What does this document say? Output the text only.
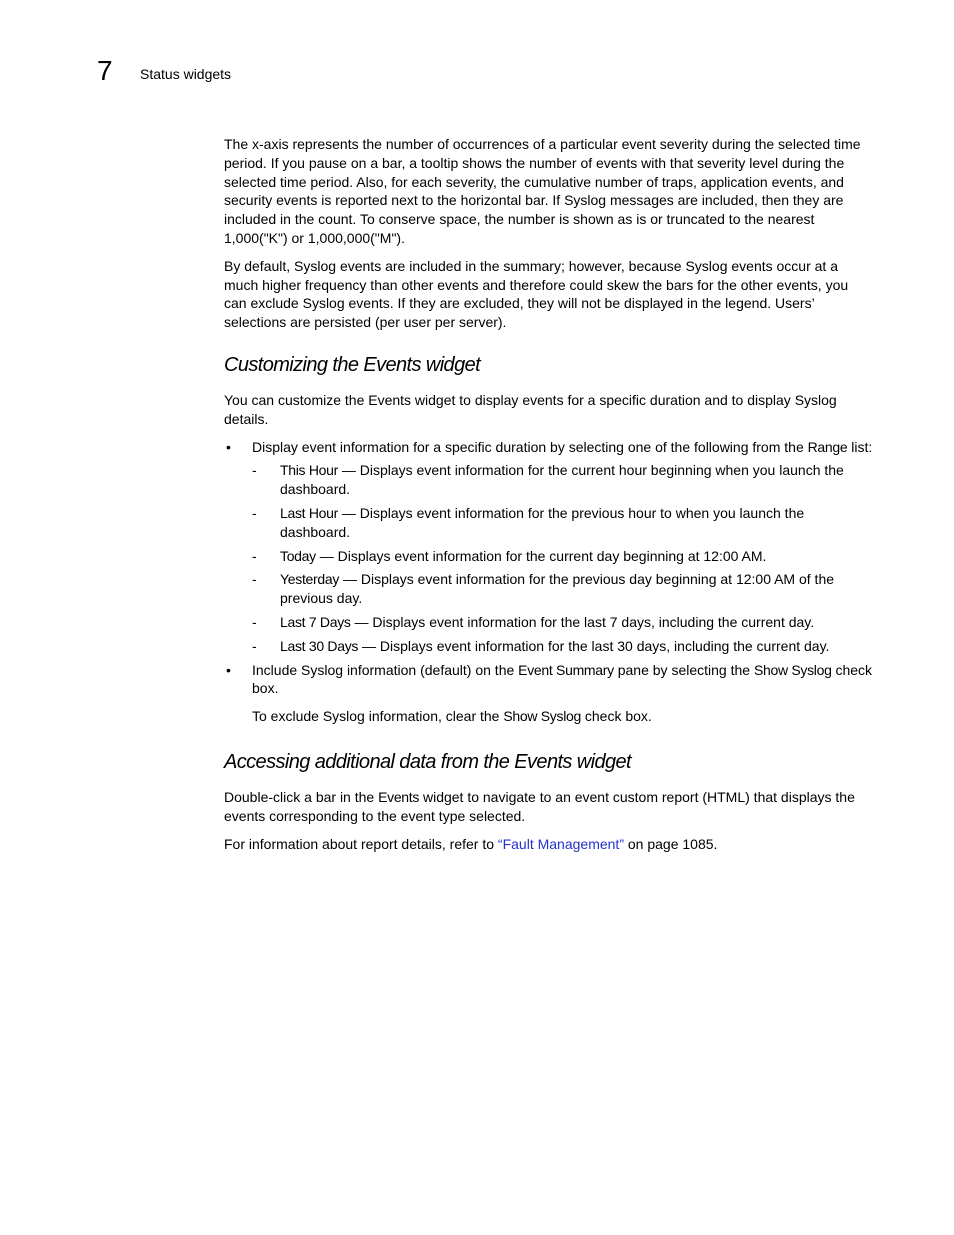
7 Status widgets

The x-axis represents the number of occurrences of a particular event severity during the selected time period. If you pause on a bar, a tooltip shows the number of events with that severity level during the selected time period. Also, for each severity, the cumulative number of traps, application events, and security events is reported next to the horizontal bar. If Syslog messages are included, then they are included in the count. To conserve space, the number is shown as is or truncated to the nearest 1,000("K") or 1,000,000("M").

By default, Syslog events are included in the summary; however, because Syslog events occur at a much higher frequency than other events and therefore could skew the bars for the other events, you can exclude Syslog events. If they are excluded, they will not be displayed in the legend. Users’ selections are persisted (per user per server).

Customizing the Events widget

You can customize the Events widget to display events for a specific duration and to display Syslog details.

• Display event information for a specific duration by selecting one of the following from the Range list:
- This Hour — Displays event information for the current hour beginning when you launch the dashboard.
- Last Hour — Displays event information for the previous hour to when you launch the dashboard.
- Today — Displays event information for the current day beginning at 12:00 AM.
- Yesterday — Displays event information for the previous day beginning at 12:00 AM of the previous day.
- Last 7 Days — Displays event information for the last 7 days, including the current day.
- Last 30 Days — Displays event information for the last 30 days, including the current day.
• Include Syslog information (default) on the Event Summary pane by selecting the Show Syslog check box.

To exclude Syslog information, clear the Show Syslog check box.

Accessing additional data from the Events widget

Double-click a bar in the Events widget to navigate to an event custom report (HTML) that displays the events corresponding to the event type selected.

For information about report details, refer to “Fault Management” on page 1085.
